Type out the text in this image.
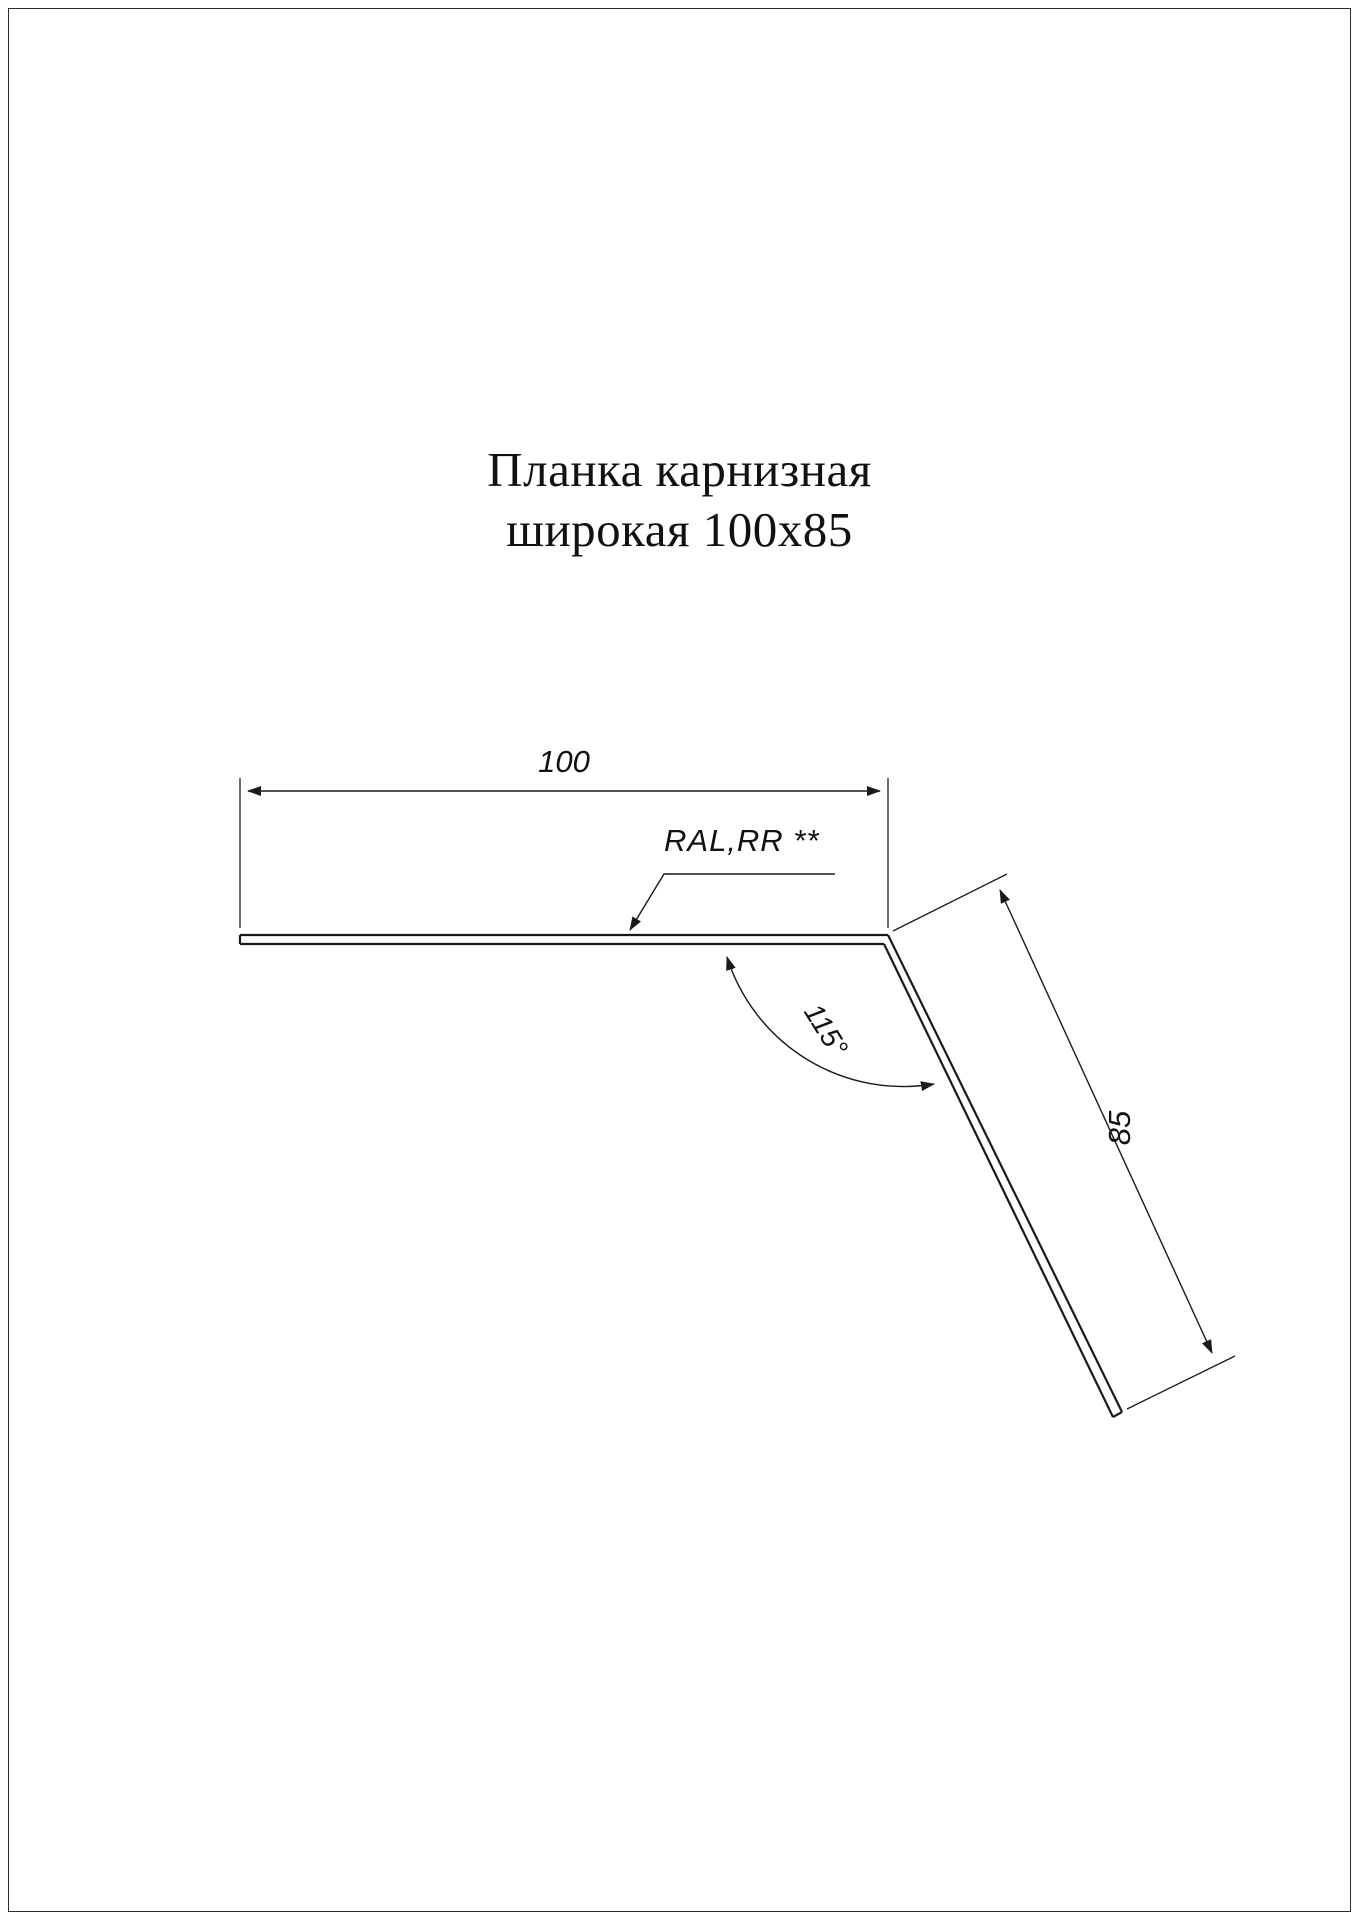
Планка карнизная
широкая 100x85
100
85
115°
RAL,RR **
